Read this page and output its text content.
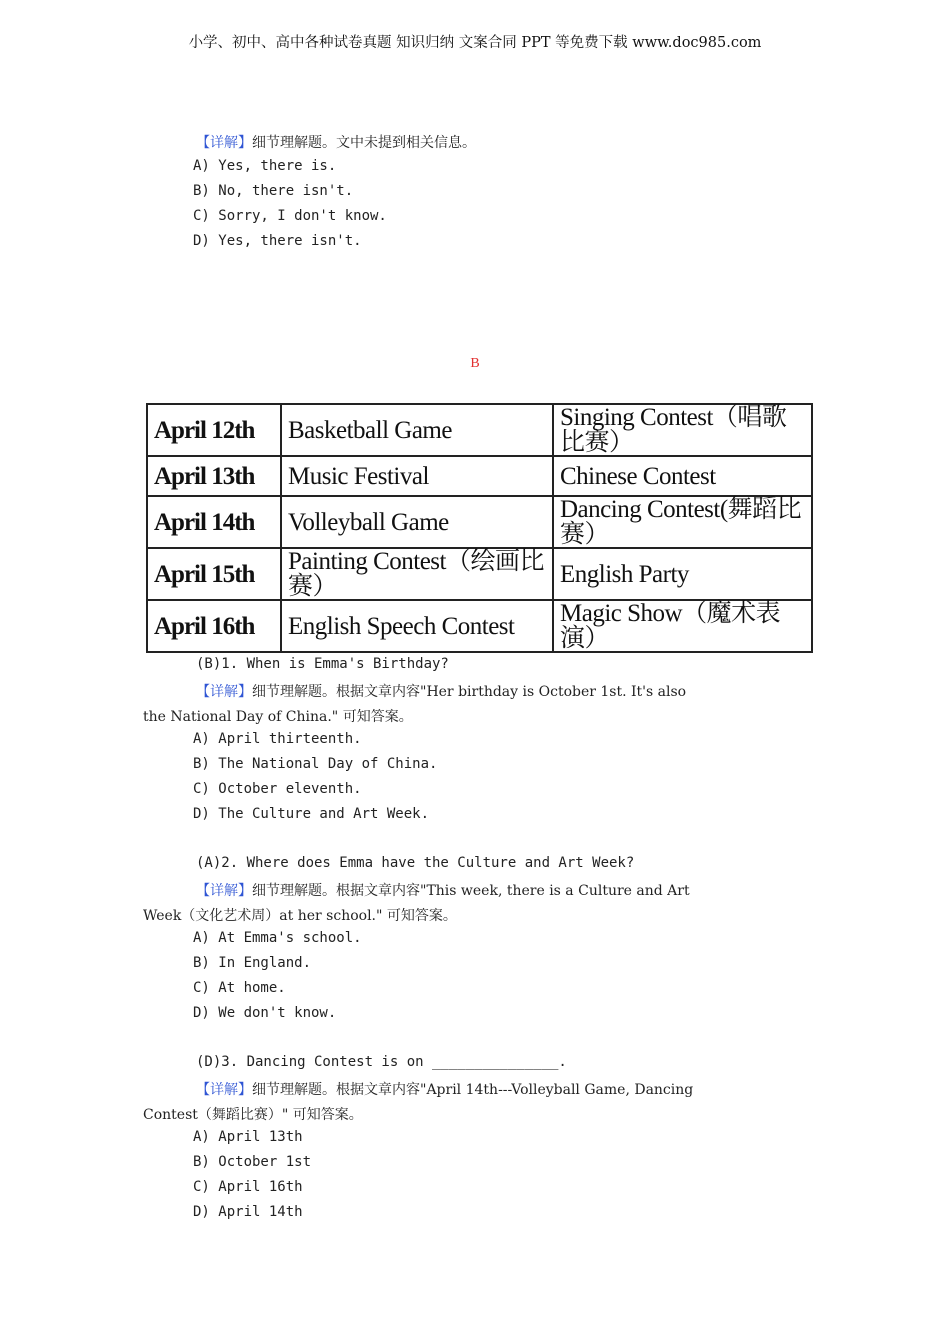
小学、初中、高中各种试卷真题 知识归纳 文案合同 PPT 等免费下载 www.doc985.com
【详解】细节理解题。文中未提到相关信息。
A) Yes, there is.
B) No, there isn't.
C) Sorry, I don't know.
D) Yes, there isn't.
B
April 12th	Basketball Game	Singing Contest（唱歌比赛）
April 13th	Music Festival	Chinese Contest
April 14th	Volleyball Game	Dancing Contest(舞蹈比赛）
April 15th	Painting Contest（绘画比赛）	English Party
April 16th	English Speech Contest	Magic Show（魔术表演）
(B)1. When is Emma's Birthday?
【详解】细节理解题。根据文章内容"Her birthday is October 1st. It's also
the National Day of China." 可知答案。
A) April thirteenth.
B) The National Day of China.
C) October eleventh.
D) The Culture and Art Week.
(A)2. Where does Emma have the Culture and Art Week?
【详解】细节理解题。根据文章内容"This week, there is a Culture and Art
Week（文化艺术周）at her school." 可知答案。
A) At Emma's school.
B) In England.
C) At home.
D) We don't know.
(D)3. Dancing Contest is on _______________.
【详解】细节理解题。根据文章内容"April 14th---Volleyball Game, Dancing
Contest（舞蹈比赛）" 可知答案。
A) April 13th
B) October 1st
C) April 16th
D) April 14th
